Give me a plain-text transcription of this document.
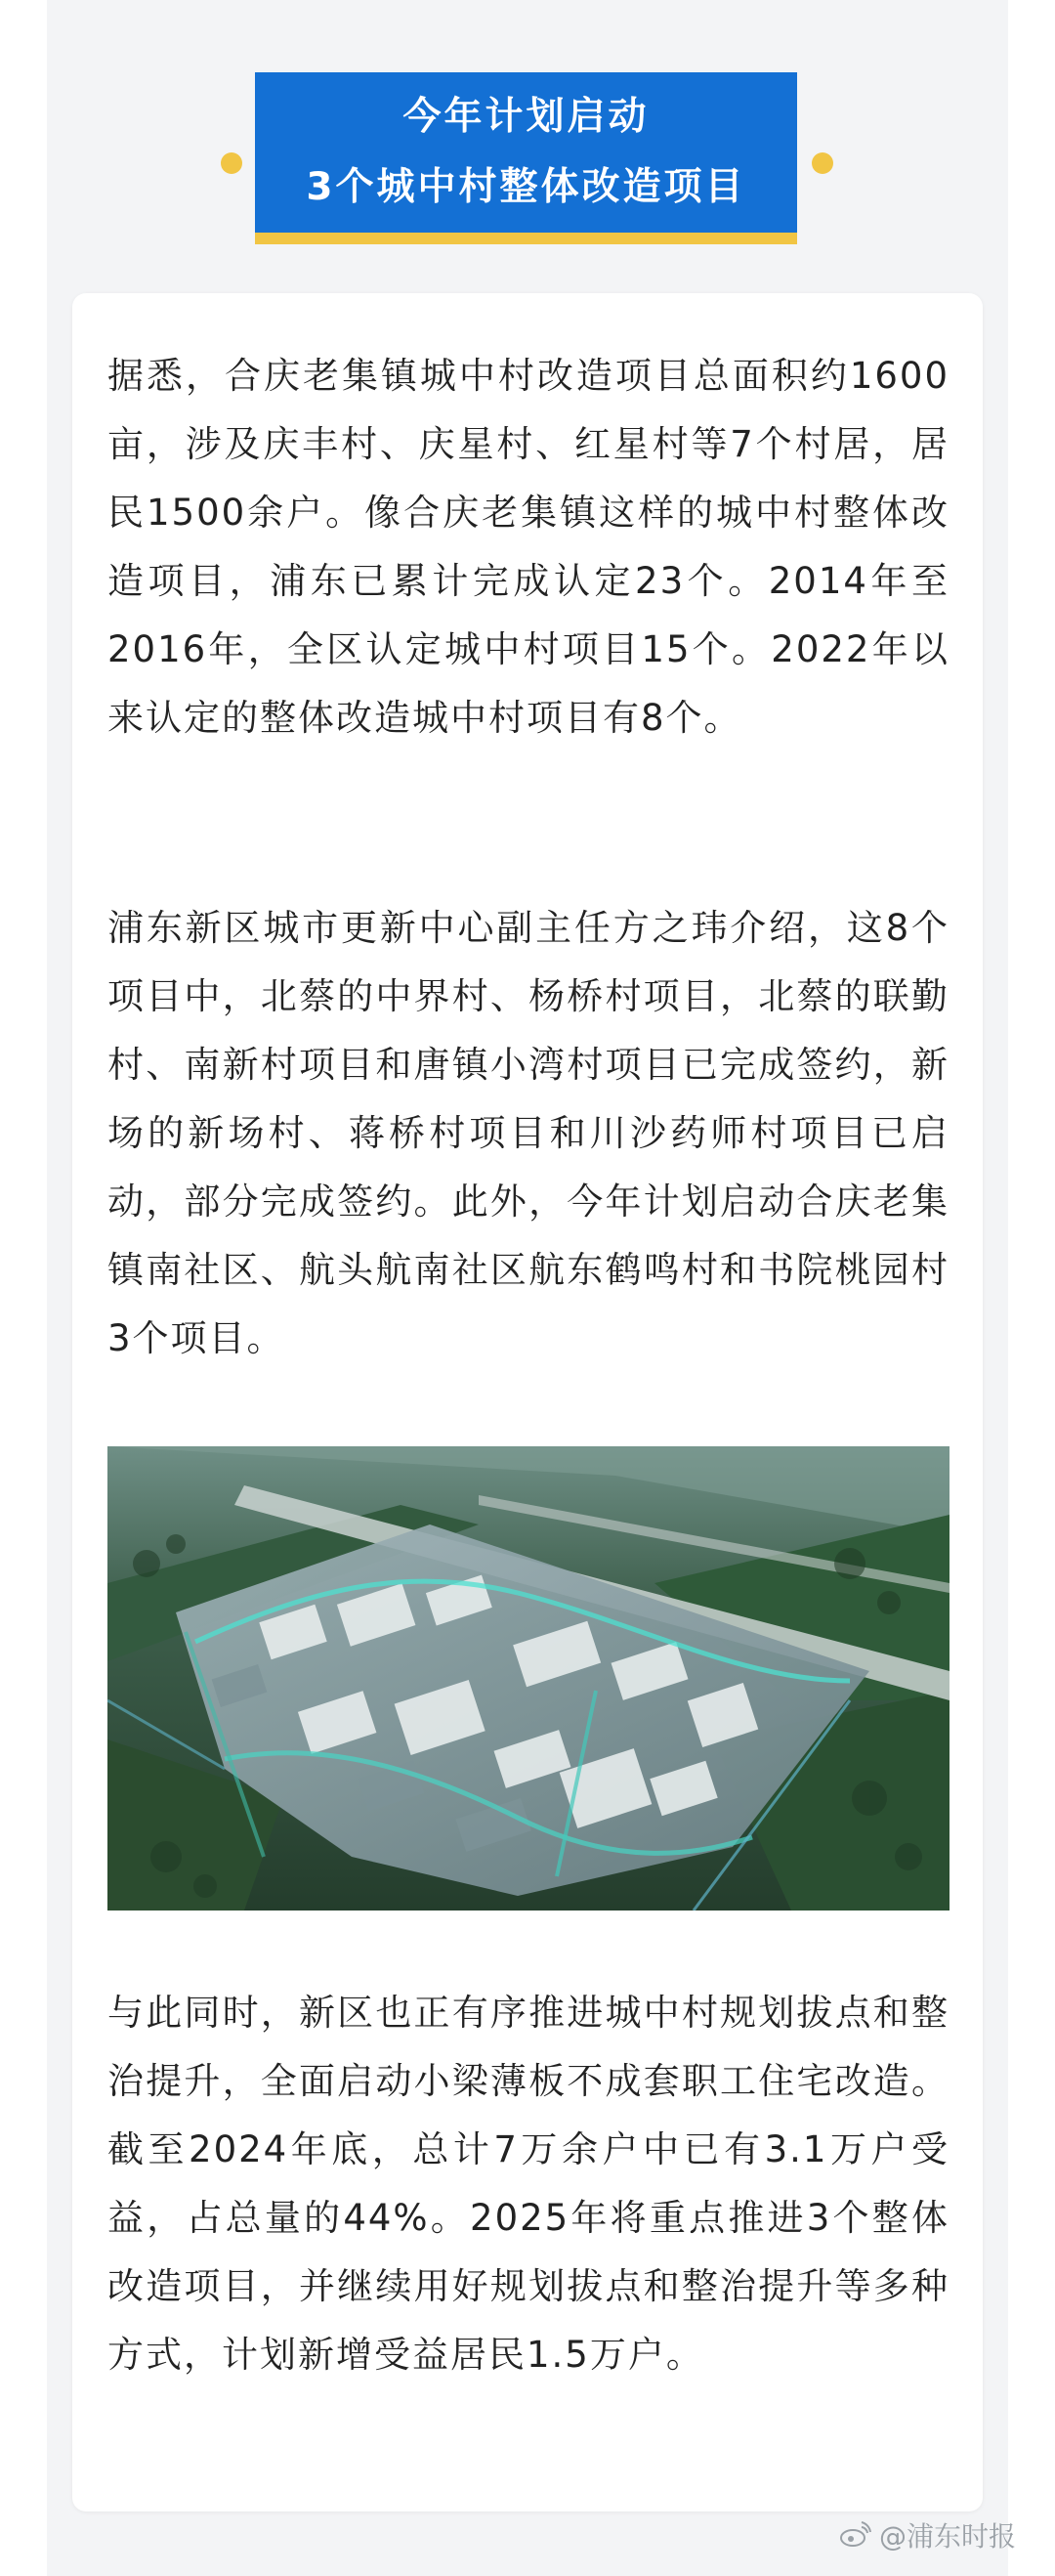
今年计划启动
3个城中村整体改造项目

据悉，合庆老集镇城中村改造项目总面积约1600亩，涉及庆丰村、庆星村、红星村等7个村居，居民1500余户。像合庆老集镇这样的城中村整体改造项目，浦东已累计完成认定23个。2014年至2016年，全区认定城中村项目15个。2022年以来认定的整体改造城中村项目有8个。

浦东新区城市更新中心副主任方之玮介绍，这8个项目中，北蔡的中界村、杨桥村项目，北蔡的联勤村、南新村项目和唐镇小湾村项目已完成签约，新场的新场村、蒋桥村项目和川沙药师村项目已启动，部分完成签约。此外，今年计划启动合庆老集镇南社区、航头航南社区航东鹤鸣村和书院桃园村3个项目。

与此同时，新区也正有序推进城中村规划拔点和整治提升，全面启动小梁薄板不成套职工住宅改造。截至2024年底，总计7万余户中已有3.1万户受益，占总量的44%。2025年将重点推进3个整体改造项目，并继续用好规划拔点和整治提升等多种方式，计划新增受益居民1.5万户。

@浦东时报
